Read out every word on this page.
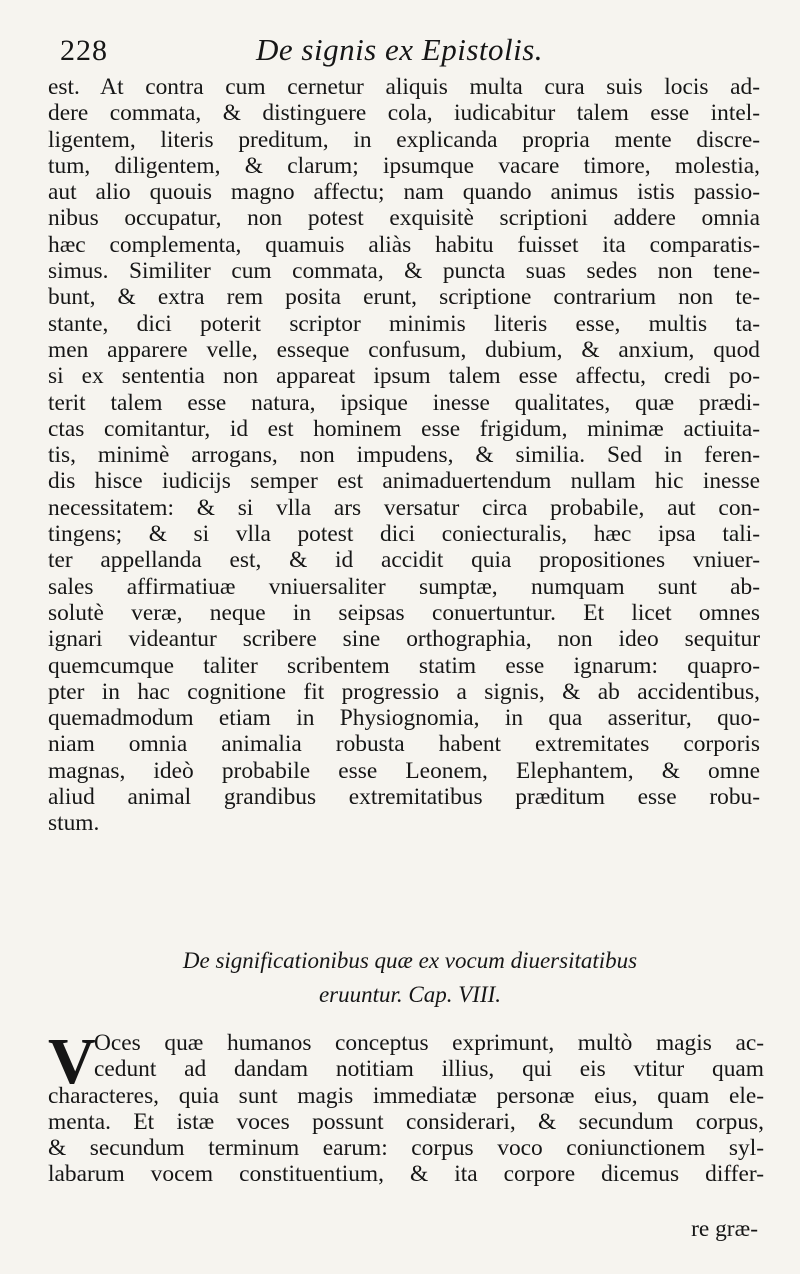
228	De signis ex Epistolis.
est. At contra cum cernetur aliquis multa cura suis locis ad-
dere commata, & distinguere cola, iudicabitur talem esse intel-
ligentem, literis preditum, in explicanda propria mente discre-
tum, diligentem, & clarum; ipsumque vacare timore, molestia,
aut alio quouis magno affectu; nam quando animus istis passio-
nibus occupatur, non potest exquisitè scriptioni addere omnia
hæc complementa, quamuis aliàs habitu fuisset ita comparatis-
simus. Similiter cum commata, & puncta suas sedes non tene-
bunt, & extra rem posita erunt, scriptione contrarium non te-
stante, dici poterit scriptor minimis literis esse, multis ta-
men apparere velle, esseque confusum, dubium, & anxium, quod
si ex sententia non appareat ipsum talem esse affectu, credi po-
terit talem esse natura, ipsique inesse qualitates, quæ prædi-
ctas comitantur, id est hominem esse frigidum, minimæ actiuita-
tis, minimè arrogans, non impudens, & similia. Sed in feren-
dis hisce iudicijs semper est animaduertendum nullam hic inesse
necessitatem: & si vlla ars versatur circa probabile, aut con-
tingens; & si vlla potest dici coniecturalis, hæc ipsa tali-
ter appellanda est, & id accidit quia propositiones vniuer-
sales affirmatiuæ vniuersaliter sumptæ, numquam sunt ab-
solutè veræ, neque in seipsas conuertuntur. Et licet omnes
ignari videantur scribere sine orthographia, non ideo sequitur
quemcumque taliter scribentem statim esse ignarum: quapro-
pter in hac cognitione fit progressio a signis, & ab accidentibus,
quemadmodum etiam in Physiognomia, in qua asseritur, quo-
niam omnia animalia robusta habent extremitates corporis
magnas, ideò probabile esse Leonem, Elephantem, & omne
aliud animal grandibus extremitatibus præditum esse robu-
stum.
De significationibus quæ ex vocum diuersitatibus
eruuntur. Cap. VIII.
V
Oces quæ humanos conceptus exprimunt, multò magis ac-
cedunt ad dandam notitiam illius, qui eis vtitur quam
characteres, quia sunt magis immediatæ personæ eius, quam ele-
menta. Et istæ voces possunt considerari, & secundum corpus,
& secundum terminum earum: corpus voco coniunctionem syl-
labarum vocem constituentium, & ita corpore dicemus differ-
re græ-
